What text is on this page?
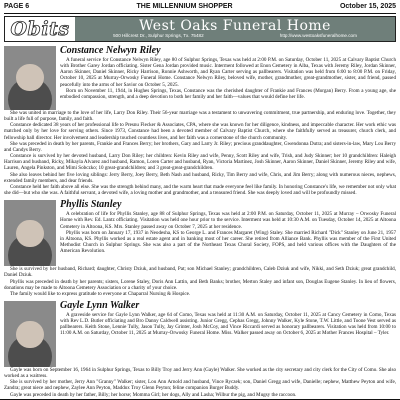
PAGE 6	THE MILLENNIUM SHOPPER	October 15, 2025
Obits	West Oaks Funeral Home
500 Hillcrest Dr., Sulphur Springs, Tx. 75482	http://www.westoaksfuneralhome.com
Constance Nelwyn Riley

A funeral service for Constance Nelwyn Riley, age 80 of Sulphur Springs, Texas was held at 2:00 P.M. on Saturday, October 11, 2025 at Calvary Baptist Church with Brother Garey Jordan officiating. Sister Gena Jordan provided music. Interment followed at Enon Cemetery in Alba, Texas with Jeremy Riley, Jordan Skinner, Aaron Skinner, Daniel Skinner, Ricky Harrison, Ronnie Ashworth, and Ryan Carter serving as pallbearers. Visitation was held from 6:00 to 8:00 P.M. on Friday, October 10, 2025 at Murray-Orwosky Funeral Home. Constance Nelwyn Riley, beloved wife, mother, grandmother, great-grandmother, sister, and friend, passed peacefully into the arms of her Savior on October 5, 2025.

Born on November 11, 1944, in Hughes Springs, Texas, Constance was the cherished daughter of Frankie and Frances (Morgan) Berry. From a young age, she embodied compassion, strength, and a deep devotion to both her family and her faith—values that would define her life.

She was united in marriage to the love of her life, Larry Don Riley. Their 56-year marriage was a testament to unwavering commitment, true partnership, and enduring love. Together, they built a life full of purpose, family, and faith.

Constance dedicated 38 years of her professional life to Presnu Flecker & Associates, CPA, where she was known for her diligence, kindness, and impeccable character. Her work ethic was matched only by her love for serving others. Since 1973, Constance had been a devoted member of Calvary Baptist Church, where she faithfully served as treasurer, church clerk, and fellowship hall director. Her involvement and leadership touched countless lives, and her faith was a cornerstone of the church community.

She was preceded in death by her parents, Frankie and Frances Berry; her brothers, Gary and Larry Jr. Riley; precious granddaughter, Gwendonna Dutra; and sisters-in-law, Mary Lou Berry and Candys Berry.

Constance is survived by her devoted husband, Larry Don Riley; her children: Kevin Riley and wife, Penny, Scott Riley and wife, Trish, and Judy Skinner; her 10 grandchildren: Haleigh Harrison and husband, Ricky, Mikayla Alvarez and husband, Ramon, Loren Carter and husband, Ryan, Victoria Martinez, Josh Skinner, Aaron Skinner, Daniel Skinner, Jeremy Riley and wife, Lauren, Angela Pinkston, and Mimi Sobczko; 10 great-grandchildren; and 3 great-great-grandchildren.

She also leaves behind her five loving siblings: Jerry Berry, Joey Berry, Beth Nash and husband, Ricky, Tim Berry and wife, Chris, and Jim Berry; along with numerous nieces, nephews, extended family members, and dear friends.

Constance held her faith above all else. She was the strength behind many, and the warm heart that made everyone feel like family. In honoring Constance's life, we remember not only what she did—but who she was. A faithful servant, a devoted wife, a loving mother and grandmother, and a treasured friend. She was deeply loved and will be profoundly missed.

Phyllis Stanley

A celebration of life for Phyllis Stanley, age 88 of Sulphur Springs, Texas was held at 2:00 P.M. on Saturday, October 11, 2025 at Murray – Orwosky Funeral Home with Rev. Ed. Lantz officiating. Visitation was held one hour prior to the service. Interment was held at 10:30 A.M. on Tuesday, October 14, 2025 at Altoona Cemetery in Altoona, KS. Mrs. Stanley passed away on October 7, 2025 at her residence.

Phyllis was born on January 17, 1937 in Neodesha, KS to George L. and Frances Margaret (Wing) Staley. She married Richard "Dick" Stanley on June 21, 1957 in Altoona, KS. Phyllis worked as a real estate agent and in banking most of her career. She retired from Alliance Bank. Phyllis was member of the First United Methodist Church in Sulphur Springs. She was also a part of the Northeast Texas Choral Society, FOPS, and held various offices with the Daughters of the American Revolution.

She is survived by her husband, Richard; daughter, Christy Dziuk, and husband, Pat; son Michael Stanley; grandchildren, Caleb Dziuk and wife, Nikki, and Seth Dziuk; great grandchild, Daniel Dziuk.

Phyllis was preceded in death by her parents; sisters, Lorene Staley, Doris Ann Lattin, and Beth Banks; brother, Merton Staley and infant son, Douglas Eugene Stanley. In lieu of flowers, donations may be made to Altoona Cemetery Association or a charity of your choice.

The family would like to express gratitude to everyone at Chaparral Nursing & Hospice.

Gayle Lynn Walker

A graveside service for Gayle Lynn Walker, age 64 of Como, Texas was held at 11:30 A.M. on Saturday, October 11, 2025 at Cancy Cemetery in Como, Texas with Rev L.D. Butler officiating and Bro Danny Caldwell assisting. Junior Gregg, Cephas Gregg, Johnny Walker, Kyle Stone, T.W. Little, and Toone Vest served as pallbearers. Keith Stone, Lennie Tully, Jason Tully, Jay Grinter, Josh McCoy, and Vince Riccardi served as honorary pallbearers. Visitation was held from 10:00 to 11:00 A.M. on Saturday, October 11, 2025 at Murray-Orwosky Funeral Home. Miss. Walker passed away on October 6, 2025 at Mother Frances Hospital – Tyler.

Gayle was born on September 16, 1964 in Sulphur Springs, Texas to Billy Troy and Jerry Ann (Gayle) Walker. She worked as the city secretary and city clerk for the City of Como. She also worked as a waitress.

She is survived by her mother, Jerry Ann "Granny" Walker; sister, Lou Ann Arnold and husband, Vince Ryczek; son, Daniel Gregg and wife, Danielle; nephew, Matthew Peyton and wife, Zandra; great niece and nephew, Zaylee Ann Peyton, Maddox Troy Glenn Peyton; feline companion Burger Buddy.

Gayle was preceded in death by her father, Billy; her horse; Momma Girl; her dogs, Ally and Lasha; Wilbur the pig, and Mugsy the raccoon.
